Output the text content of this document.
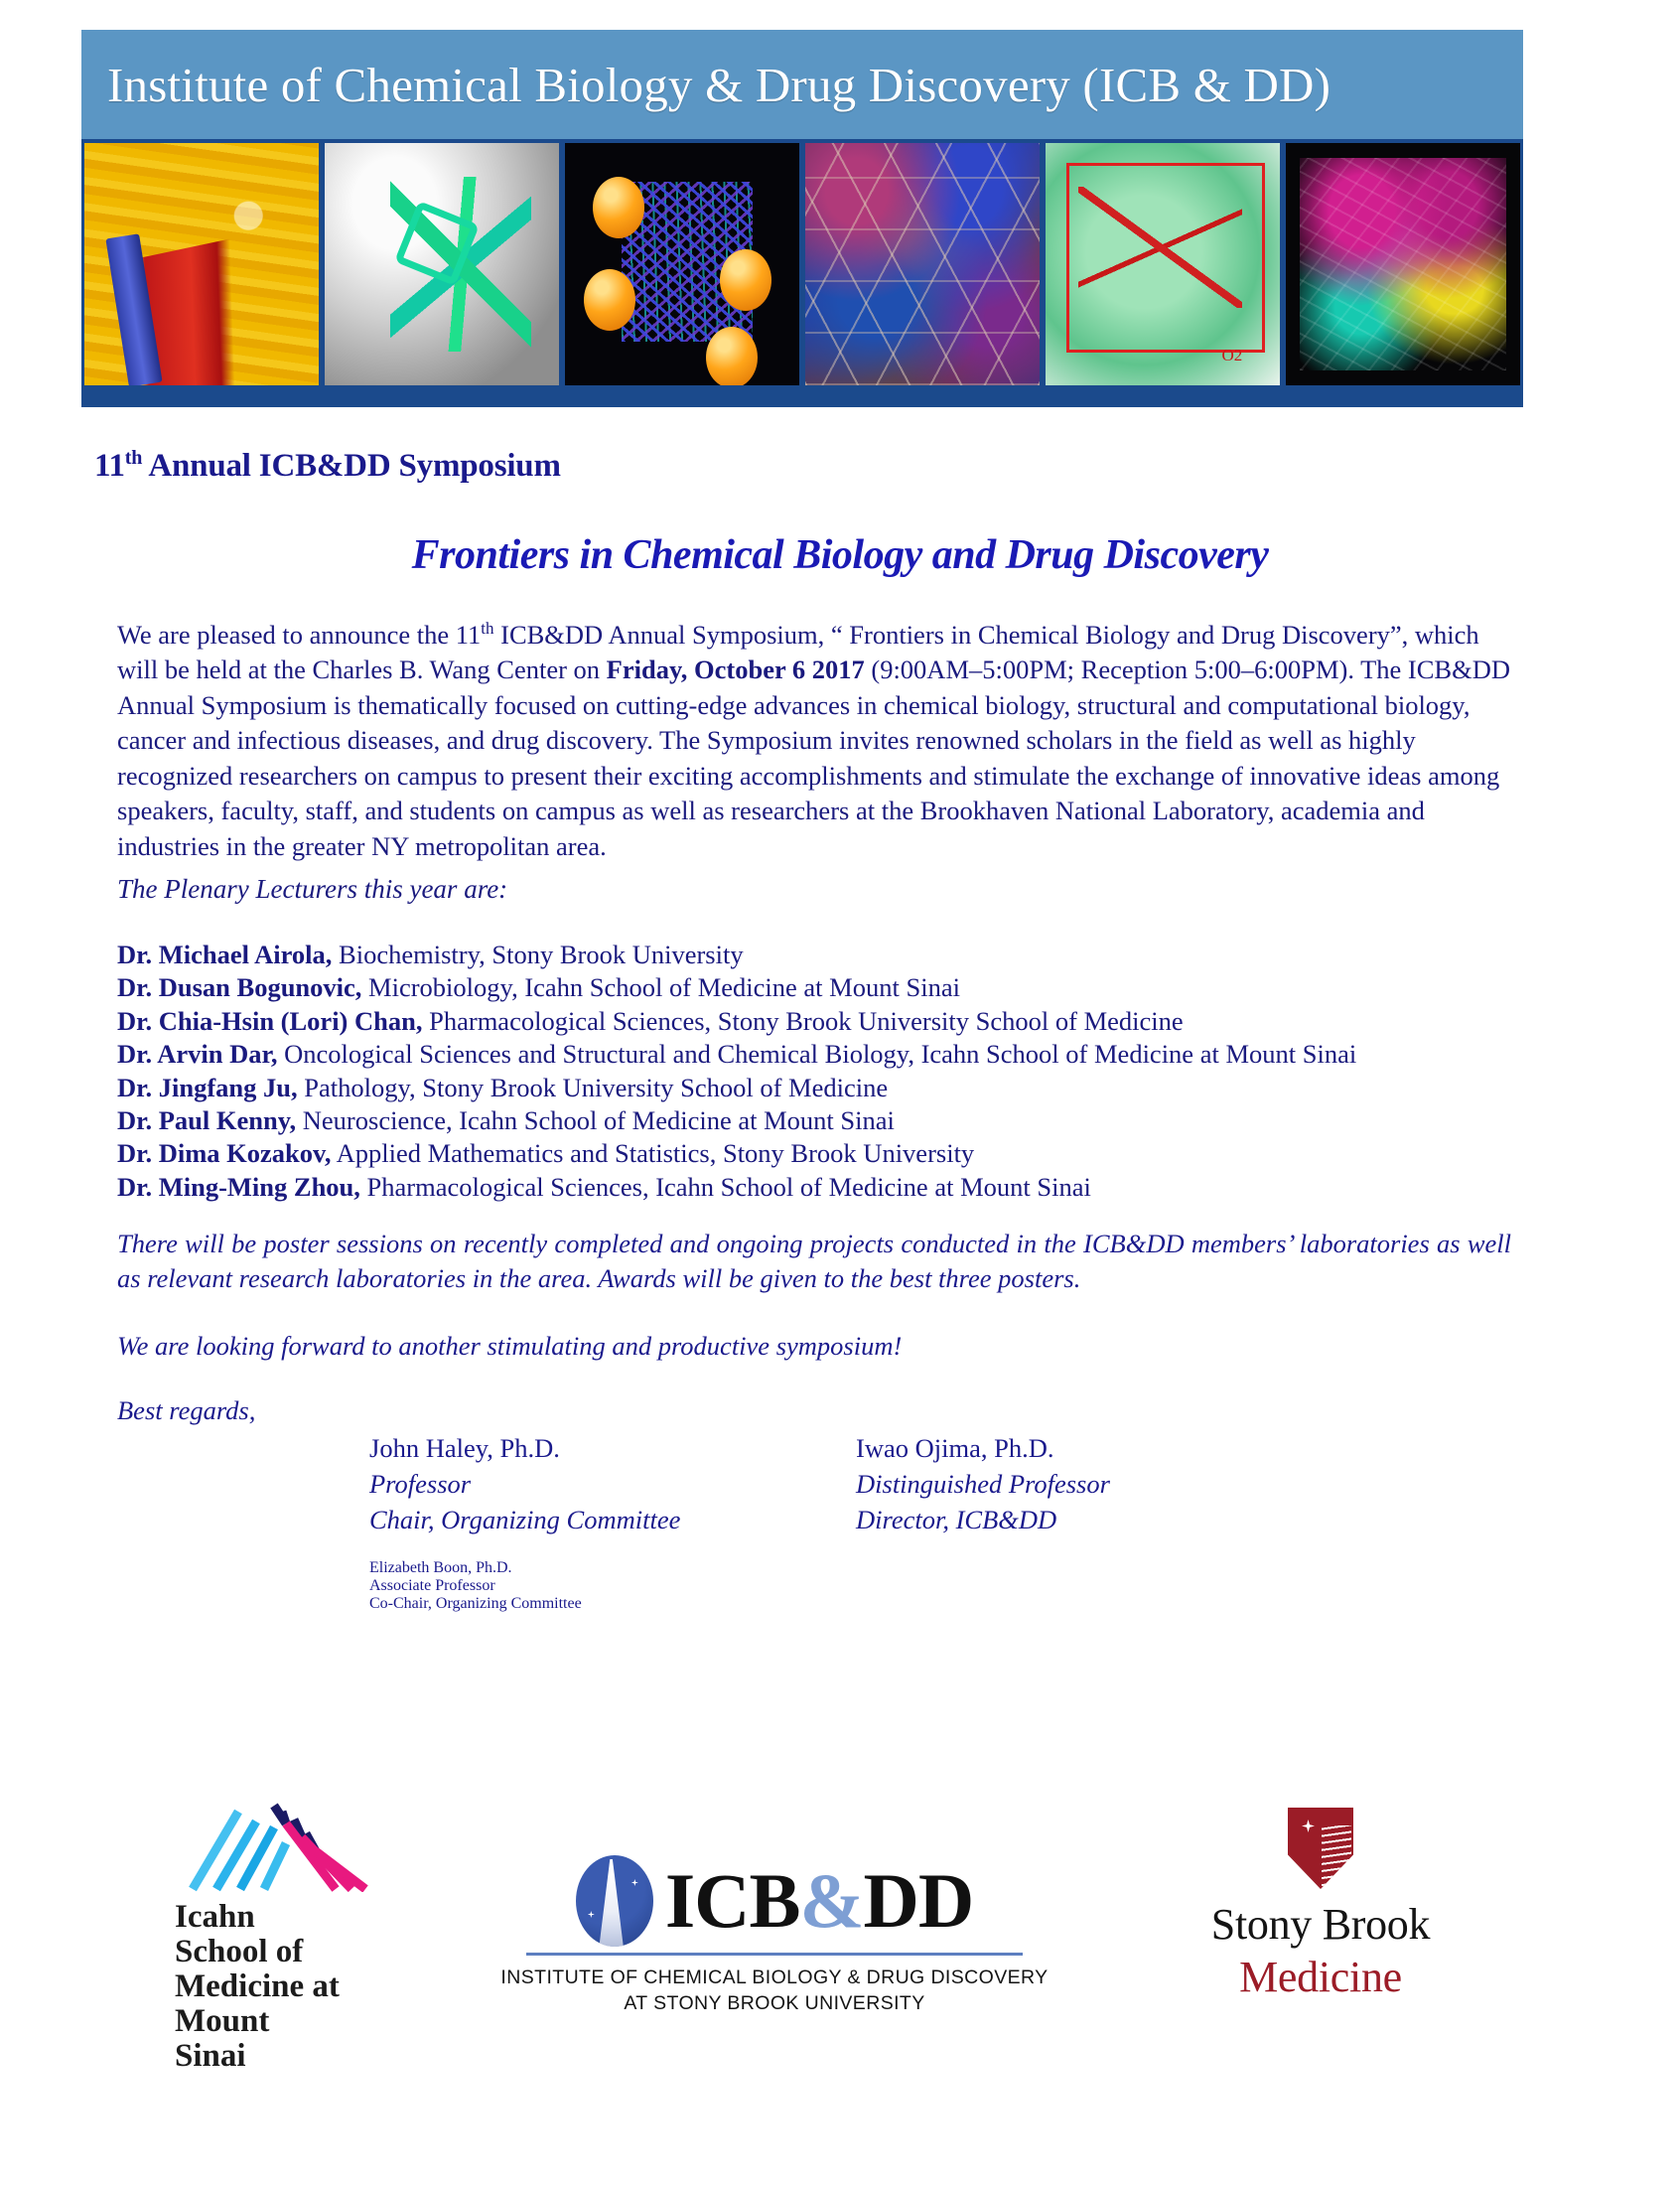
Institute of Chemical Biology & Drug Discovery (ICB & DD)
O2
11th Annual ICB&DD Symposium
Frontiers in Chemical Biology and Drug Discovery
We are pleased to announce the 11th ICB&DD Annual Symposium, “ Frontiers in Chemical Biology and Drug Discovery”, which will be held at the Charles B. Wang Center on Friday, October 6 2017 (9:00AM–5:00PM; Reception 5:00–6:00PM). The ICB&DD Annual Symposium is thematically focused on cutting-edge advances in chemical biology, structural and computational biology, cancer and infectious diseases, and drug discovery. The Symposium invites renowned scholars in the field as well as highly recognized researchers on campus to present their exciting accomplishments and stimulate the exchange of innovative ideas among speakers, faculty, staff, and students on campus as well as researchers at the Brookhaven National Laboratory, academia and industries in the greater NY metropolitan area.
The Plenary Lecturers this year are:
Dr. Michael Airola, Biochemistry, Stony Brook University
Dr. Dusan Bogunovic, Microbiology, Icahn School of Medicine at Mount Sinai
Dr. Chia-Hsin (Lori) Chan, Pharmacological Sciences, Stony Brook University School of Medicine
Dr. Arvin Dar, Oncological Sciences and Structural and Chemical Biology, Icahn School of Medicine at Mount Sinai
Dr. Jingfang Ju, Pathology, Stony Brook University School of Medicine
Dr. Paul Kenny, Neuroscience, Icahn School of Medicine at Mount Sinai
Dr. Dima Kozakov, Applied Mathematics and Statistics, Stony Brook University
Dr. Ming-Ming Zhou, Pharmacological Sciences, Icahn School of Medicine at Mount Sinai
There will be poster sessions on recently completed and ongoing projects conducted in the ICB&DD members’ laboratories as well as relevant research laboratories in the area. Awards will be given to the best three posters.
We are looking forward to another stimulating and productive symposium!
Best regards,
John Haley, Ph.D.
Professor
Chair, Organizing Committee
Iwao Ojima, Ph.D.
Distinguished Professor
Director, ICB&DD
Elizabeth Boon, Ph.D.
Associate Professor
Co-Chair, Organizing Committee
Icahn
School of
Medicine at
Mount
Sinai
ICB&DD
INSTITUTE OF CHEMICAL BIOLOGY & DRUG DISCOVERY
AT STONY BROOK UNIVERSITY
Stony Brook
Medicine
